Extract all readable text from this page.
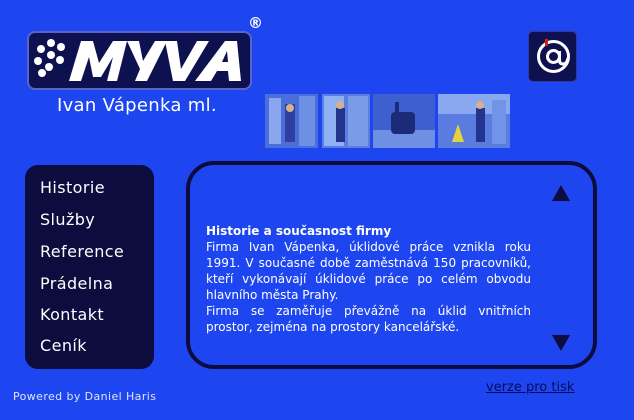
®
Ivan Vápenka ml.
Historie
Služby
Reference
Prádelna
Kontakt
Ceník
Historie a současnost firmy

Firma Ivan Vápenka, úklidové práce vznikla roku 1991. V současné době zaměstnává 150 pracovníků, kteří vykonávají úklidové práce po celém obvodu hlavního města Prahy.

Firma se zaměřuje převážně na úklid vnitřních prostor, zejména na prostory kancelářské.

Powered by Daniel Haris
verze pro tisk
